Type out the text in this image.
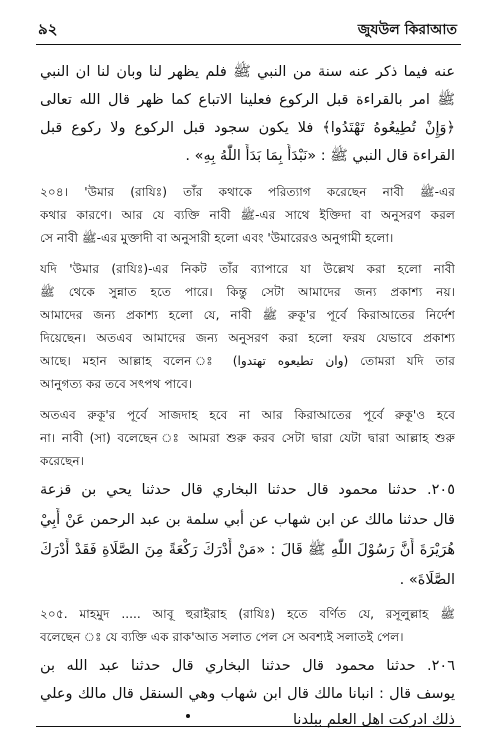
৯২	জুযউল কিরাআত
عنه فيما ذكر عنه سنة من النبي ﷺ فلم يظهر لنا وبان لنا ان النبي
ﷺ امر بالقراءة قبل الركوع فعلينا الاتباع كما ظهر قال الله تعالى
﴿وَإِنْ تُطِيعُوهُ تَهْتَدُوا﴾ فلا يكون سجود قبل الركوع ولا ركوع قبل
القراءة قال النبي ﷺ : «نَبْدَأُ بِمَا بَدَأَ اللّٰهُ بِهِ» .
২০৪। 'উমার (রাযিঃ) তাঁর কথাকে পরিত্যাগ করেছেন নাবী ﷺ-এর
কথার কারণে। আর যে ব্যক্তি নাবী ﷺ-এর সাথে ইক্তিদা বা অনুসরণ করল
সে নাবী ﷺ-এর মুক্তাদী বা অনুসারী হলো এবং 'উমারেরও অনুগামী হলো।
যদি 'উমার (রাযিঃ)-এর নিকট তাঁর ব্যাপারে যা উল্লেখ করা হলো নাবী
ﷺ থেকে সুন্নাত হতে পারে। কিন্তু সেটা আমাদের জন্য প্রকাশ্য নয়।
আমাদের জন্য প্রকাশ্য হলো যে, নাবী ﷺ রুকূ'র পূর্বে কিরাআতের নির্দেশ
দিয়েছেন। অতএব আমাদের জন্য অনুসরণ করা হলো ফরয যেভাবে প্রকাশ্য
আছে। মহান আল্লাহ বলেন ঃ (وان تطيعوه تهتدوا) তোমরা যদি তার
আনুগত্য কর তবে সৎপথ পাবে।
অতএব রুকূ'র পূর্বে সাজদাহ হবে না আর কিরাআতের পূর্বে রুকূ'ও হবে
না। নাবী (সা) বলেছেন ঃ আমরা শুরু করব সেটা দ্বারা যেটা দ্বারা আল্লাহ শুরু
করেছেন।
٢٠٥. حدثنا محمود قال حدثنا البخاري قال حدثنا يحي بن قزعة
قال حدثنا مالك عن ابن شهاب عن أبي سلمة بن عبد الرحمن عَنْ أَبِيْ
هُرَيْرَةَ أَنَّ رَسُوْلَ اللّٰهِ ﷺ قَالَ : «مَنْ أَدْرَكَ رَكْعَةً مِنَ الصَّلَاةِ فَقَدْ أَدْرَكَ
الصَّلَاةَ» .
২০৫. মাহমুদ ..... আবূ হুরাইরাহ (রাযিঃ) হতে বর্ণিত যে, রসূলুল্লাহ ﷺ
বলেছেন ঃ যে ব্যক্তি এক রাক'আত সলাত পেল সে অবশ্যই সলাতই পেল।
٢٠٦. حدثنا محمود قال حدثنا البخاري قال حدثنا عبد الله بن
يوسف قال : انبانا مالك قال ابن شهاب وهي السنقل قال مالك وعلي
ذلك ادركت اهل العلم ببلدنا
